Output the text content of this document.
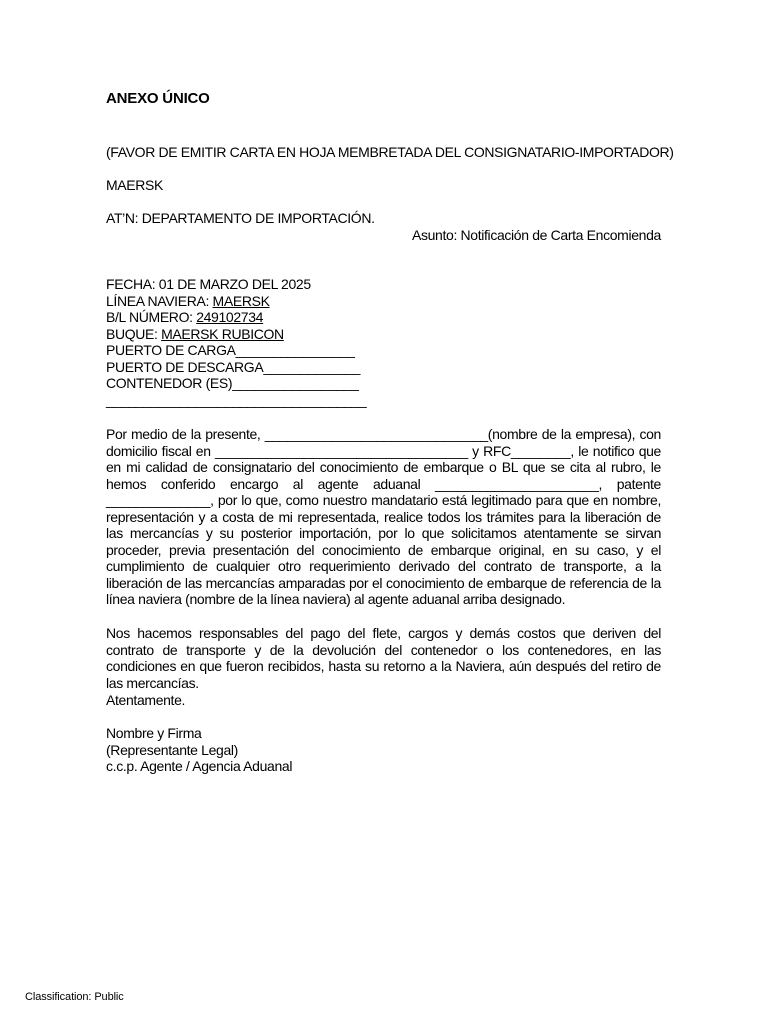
ANEXO ÚNICO
(FAVOR DE EMITIR CARTA EN HOJA MEMBRETADA DEL CONSIGNATARIO-IMPORTADOR)
MAERSK
AT’N: DEPARTAMENTO DE IMPORTACIÓN.
Asunto: Notificación de Carta Encomienda
FECHA: 01 DE MARZO DEL 2025
LÍNEA NAVIERA: MAERSK
B/L NÚMERO: 249102734
BUQUE: MAERSK RUBICON
PUERTO DE CARGA________________
PUERTO DE DESCARGA_____________
CONTENEDOR (ES)_________________
___________________________________
Por medio de la presente, ______________________________(nombre de la empresa), con domicilio fiscal en __________________________________ y RFC________, le notifico que en mi calidad de consignatario del conocimiento de embarque o BL que se cita al rubro, le hemos conferido encargo al agente aduanal ______________________, patente ______________, por lo que, como nuestro mandatario está legitimado para que en nombre, representación y a costa de mi representada, realice todos los trámites para la liberación de las mercancías y su posterior importación, por lo que solicitamos atentamente se sirvan proceder, previa presentación del conocimiento de embarque original, en su caso, y el cumplimiento de cualquier otro requerimiento derivado del contrato de transporte, a la liberación de las mercancías amparadas por el conocimiento de embarque de referencia de la línea naviera (nombre de la línea naviera) al agente aduanal arriba designado.
Nos hacemos responsables del pago del flete, cargos y demás costos que deriven del contrato de transporte y de la devolución del contenedor o los contenedores, en las condiciones en que fueron recibidos, hasta su retorno a la Naviera, aún después del retiro de las mercancías.
Atentamente.
Nombre y Firma
(Representante Legal)
c.c.p. Agente / Agencia Aduanal
Classification: Public
